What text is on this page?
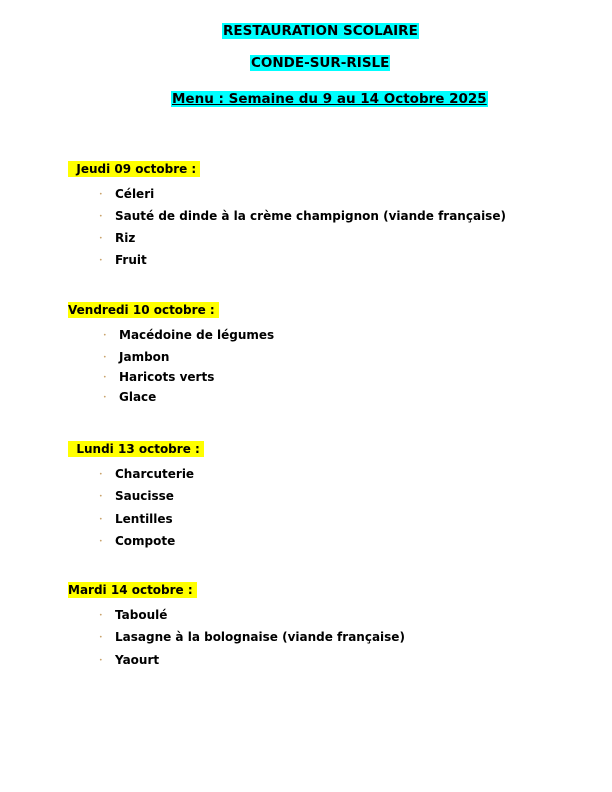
RESTAURATION SCOLAIRE
CONDE-SUR-RISLE
Menu : Semaine du 9 au 14 Octobre 2025
Jeudi 09 octobre :
• Céleri
• Sauté de dinde à la crème champignon (viande française)
• Riz
• Fruit
Vendredi 10 octobre :
• Macédoine de légumes
• Jambon
• Haricots verts
• Glace
Lundi 13 octobre :
• Charcuterie
• Saucisse
• Lentilles
• Compote
Mardi 14 octobre :
• Taboulé
• Lasagne à la bolognaise (viande française)
• Yaourt
